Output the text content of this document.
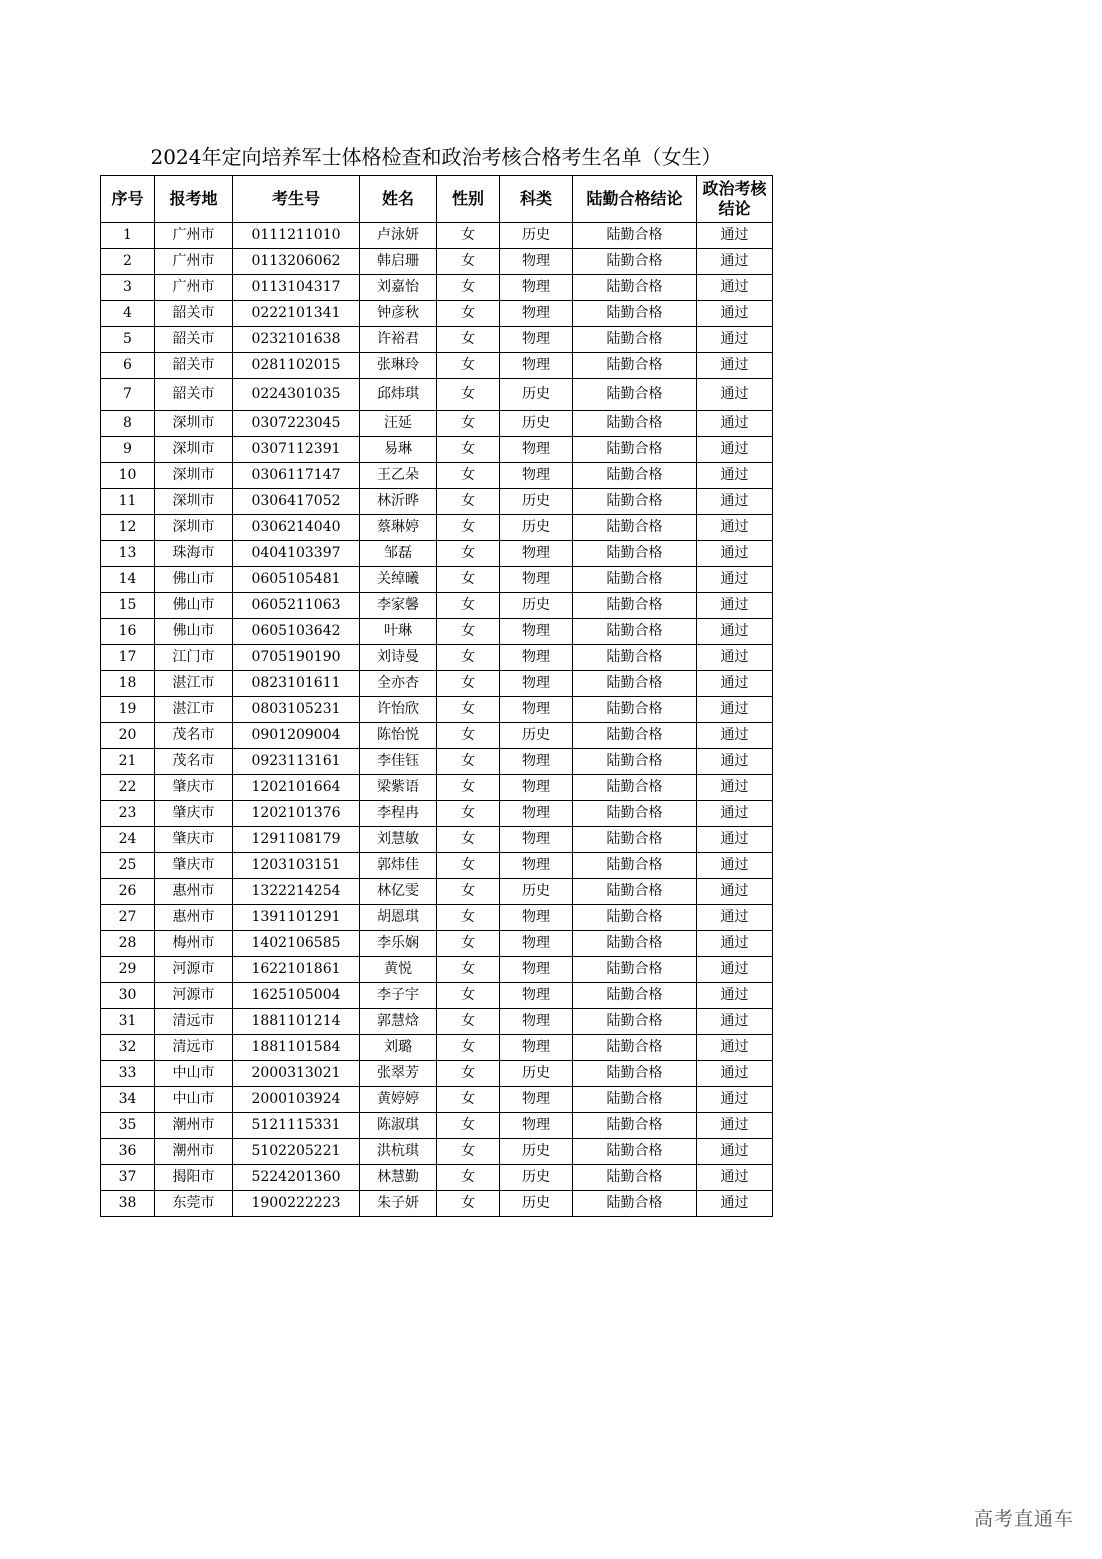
2024年定向培养军士体格检查和政治考核合格考生名单（女生）
序号	报考地	考生号	姓名	性别	科类	陆勤合格结论	政治考核结论
1	广州市	0111211010	卢泳妍	女	历史	陆勤合格	通过
2	广州市	0113206062	韩启珊	女	物理	陆勤合格	通过
3	广州市	0113104317	刘嘉怡	女	物理	陆勤合格	通过
4	韶关市	0222101341	钟彦秋	女	物理	陆勤合格	通过
5	韶关市	0232101638	许裕君	女	物理	陆勤合格	通过
6	韶关市	0281102015	张琳玲	女	物理	陆勤合格	通过
7	韶关市	0224301035	邱炜琪	女	历史	陆勤合格	通过
8	深圳市	0307223045	汪延	女	历史	陆勤合格	通过
9	深圳市	0307112391	易琳	女	物理	陆勤合格	通过
10	深圳市	0306117147	王乙朵	女	物理	陆勤合格	通过
11	深圳市	0306417052	林沂晔	女	历史	陆勤合格	通过
12	深圳市	0306214040	蔡琳婷	女	历史	陆勤合格	通过
13	珠海市	0404103397	邹磊	女	物理	陆勤合格	通过
14	佛山市	0605105481	关绰曦	女	物理	陆勤合格	通过
15	佛山市	0605211063	李家馨	女	历史	陆勤合格	通过
16	佛山市	0605103642	叶琳	女	物理	陆勤合格	通过
17	江门市	0705190190	刘诗曼	女	物理	陆勤合格	通过
18	湛江市	0823101611	全亦杏	女	物理	陆勤合格	通过
19	湛江市	0803105231	许怡欣	女	物理	陆勤合格	通过
20	茂名市	0901209004	陈怡悦	女	历史	陆勤合格	通过
21	茂名市	0923113161	李佳钰	女	物理	陆勤合格	通过
22	肇庆市	1202101664	梁紫语	女	物理	陆勤合格	通过
23	肇庆市	1202101376	李程冉	女	物理	陆勤合格	通过
24	肇庆市	1291108179	刘慧敏	女	物理	陆勤合格	通过
25	肇庆市	1203103151	郭炜佳	女	物理	陆勤合格	通过
26	惠州市	1322214254	林亿雯	女	历史	陆勤合格	通过
27	惠州市	1391101291	胡恩琪	女	物理	陆勤合格	通过
28	梅州市	1402106585	李乐娴	女	物理	陆勤合格	通过
29	河源市	1622101861	黄悦	女	物理	陆勤合格	通过
30	河源市	1625105004	李子宇	女	物理	陆勤合格	通过
31	清远市	1881101214	郭慧焓	女	物理	陆勤合格	通过
32	清远市	1881101584	刘璐	女	物理	陆勤合格	通过
33	中山市	2000313021	张翠芳	女	历史	陆勤合格	通过
34	中山市	2000103924	黄婷婷	女	物理	陆勤合格	通过
35	潮州市	5121115331	陈淑琪	女	物理	陆勤合格	通过
36	潮州市	5102205221	洪杭琪	女	历史	陆勤合格	通过
37	揭阳市	5224201360	林慧勤	女	历史	陆勤合格	通过
38	东莞市	1900222223	朱子妍	女	历史	陆勤合格	通过
高考直通车
